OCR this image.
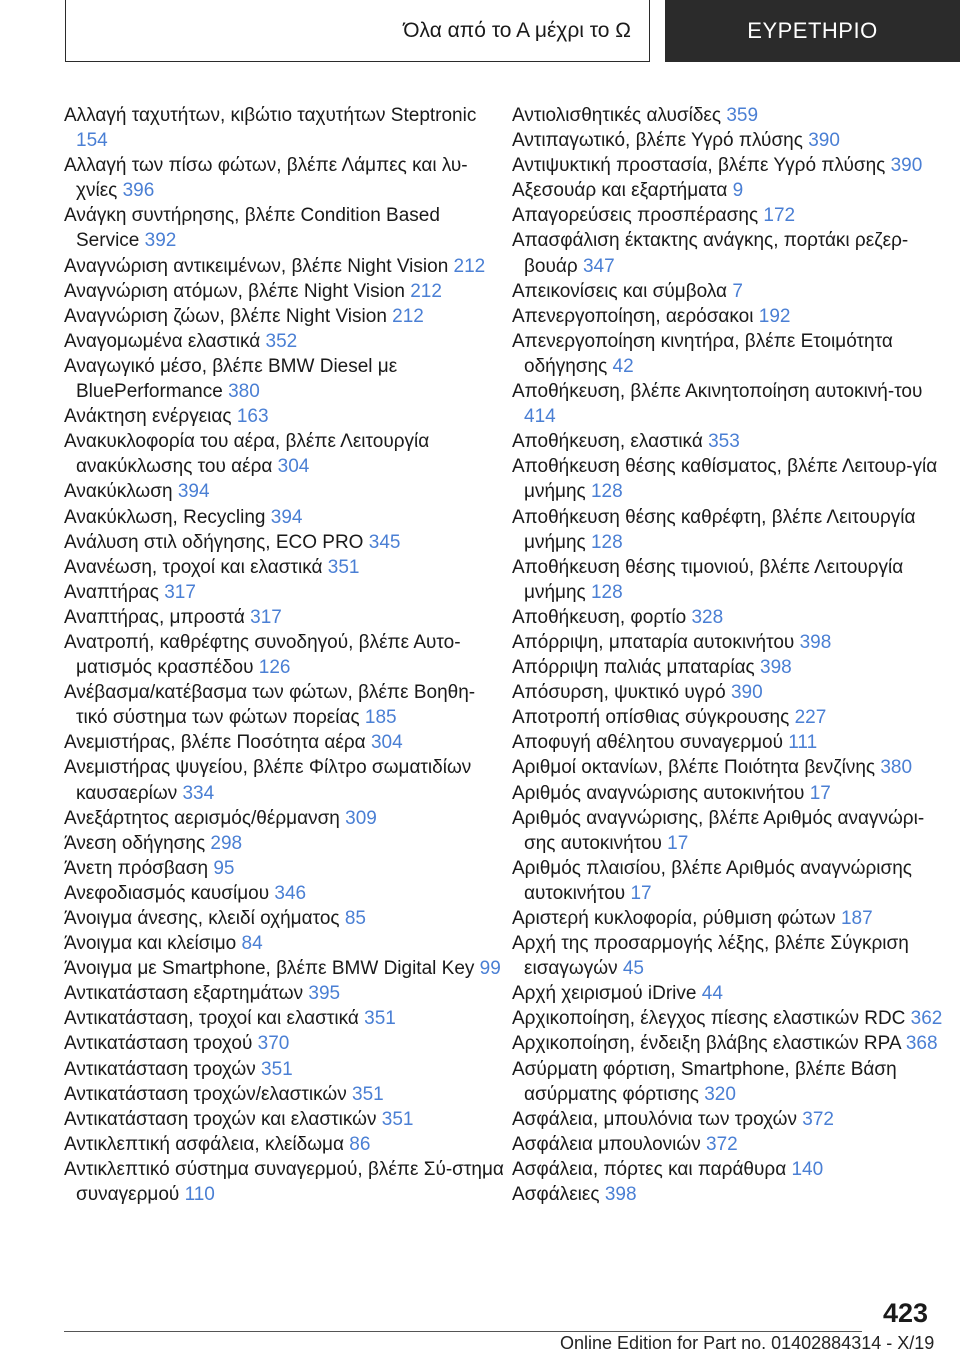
Όλα από το Α μέχρι το Ω	ΕΥΡΕΤΗΡΙΟ
Αλλαγή ταχυτήτων, κιβώτιο ταχυτήτων Steptronic 154
Αλλαγή των πίσω φώτων, βλέπε Λάμπες και λυ-χνίες 396
Ανάγκη συντήρησης, βλέπε Condition Based Service 392
Αναγνώριση αντικειμένων, βλέπε Night Vision 212
Αναγνώριση ατόμων, βλέπε Night Vision 212
Αναγνώριση ζώων, βλέπε Night Vision 212
Αναγομωμένα ελαστικά 352
Αναγωγικό μέσο, βλέπε BMW Diesel με BluePerformance 380
Ανάκτηση ενέργειας 163
Ανακυκλοφορία του αέρα, βλέπε Λειτουργία ανακύκλωσης του αέρα 304
Ανακύκλωση 394
Ανακύκλωση, Recycling 394
Ανάλυση στιλ οδήγησης, ECO PRO 345
Ανανέωση, τροχοί και ελαστικά 351
Αναπτήρας 317
Αναπτήρας, μπροστά 317
Ανατροπή, καθρέφτης συνοδηγού, βλέπε Αυτο-ματισμός κρασπέδου 126
Ανέβασμα/κατέβασμα των φώτων, βλέπε Βοηθη-τικό σύστημα των φώτων πορείας 185
Ανεμιστήρας, βλέπε Ποσότητα αέρα 304
Ανεμιστήρας ψυγείου, βλέπε Φίλτρο σωματιδίων καυσαερίων 334
Ανεξάρτητος αερισμός/θέρμανση 309
Άνεση οδήγησης 298
Άνετη πρόσβαση 95
Ανεφοδιασμός καυσίμου 346
Άνοιγμα άνεσης, κλειδί οχήματος 85
Άνοιγμα και κλείσιμο 84
Άνοιγμα με Smartphone, βλέπε BMW Digital Key 99
Αντικατάσταση εξαρτημάτων 395
Αντικατάσταση, τροχοί και ελαστικά 351
Αντικατάσταση τροχού 370
Αντικατάσταση τροχών 351
Αντικατάσταση τροχών/ελαστικών 351
Αντικατάσταση τροχών και ελαστικών 351
Αντικλεπτική ασφάλεια, κλείδωμα 86
Αντικλεπτικό σύστημα συναγερμού, βλέπε Σύ-στημα συναγερμού 110
Αντιολισθητικές αλυσίδες 359
Αντιπαγωτικό, βλέπε Υγρό πλύσης 390
Αντιψυκτική προστασία, βλέπε Υγρό πλύσης 390
Αξεσουάρ και εξαρτήματα 9
Απαγορεύσεις προσπέρασης 172
Απασφάλιση έκτακτης ανάγκης, πορτάκι ρεζερ-βουάρ 347
Απεικονίσεις και σύμβολα 7
Απενεργοποίηση, αερόσακοι 192
Απενεργοποίηση κινητήρα, βλέπε Ετοιμότητα οδήγησης 42
Αποθήκευση, βλέπε Ακινητοποίηση αυτοκινή-του 414
Αποθήκευση, ελαστικά 353
Αποθήκευση θέσης καθίσματος, βλέπε Λειτουρ-γία μνήμης 128
Αποθήκευση θέσης καθρέφτη, βλέπε Λειτουργία μνήμης 128
Αποθήκευση θέσης τιμονιού, βλέπε Λειτουργία μνήμης 128
Αποθήκευση, φορτίο 328
Απόρριψη, μπαταρία αυτοκινήτου 398
Απόρριψη παλιάς μπαταρίας 398
Απόσυρση, ψυκτικό υγρό 390
Αποτροπή οπίσθιας σύγκρουσης 227
Αποφυγή αθέλητου συναγερμού 111
Αριθμοί οκτανίων, βλέπε Ποιότητα βενζίνης 380
Αριθμός αναγνώρισης αυτοκινήτου 17
Αριθμός αναγνώρισης, βλέπε Αριθμός αναγνώρι-σης αυτοκινήτου 17
Αριθμός πλαισίου, βλέπε Αριθμός αναγνώρισης αυτοκινήτου 17
Αριστερή κυκλοφορία, ρύθμιση φώτων 187
Αρχή της προσαρμογής λέξης, βλέπε Σύγκριση εισαγωγών 45
Αρχή χειρισμού iDrive 44
Αρχικοποίηση, έλεγχος πίεσης ελαστικών RDC 362
Αρχικοποίηση, ένδειξη βλάβης ελαστικών RPA 368
Ασύρματη φόρτιση, Smartphone, βλέπε Βάση ασύρματης φόρτισης 320
Ασφάλεια, μπουλόνια των τροχών 372
Ασφάλεια μπουλονιών 372
Ασφάλεια, πόρτες και παράθυρα 140
Ασφάλειες 398
423
Online Edition for Part no. 01402884314 - X/19
